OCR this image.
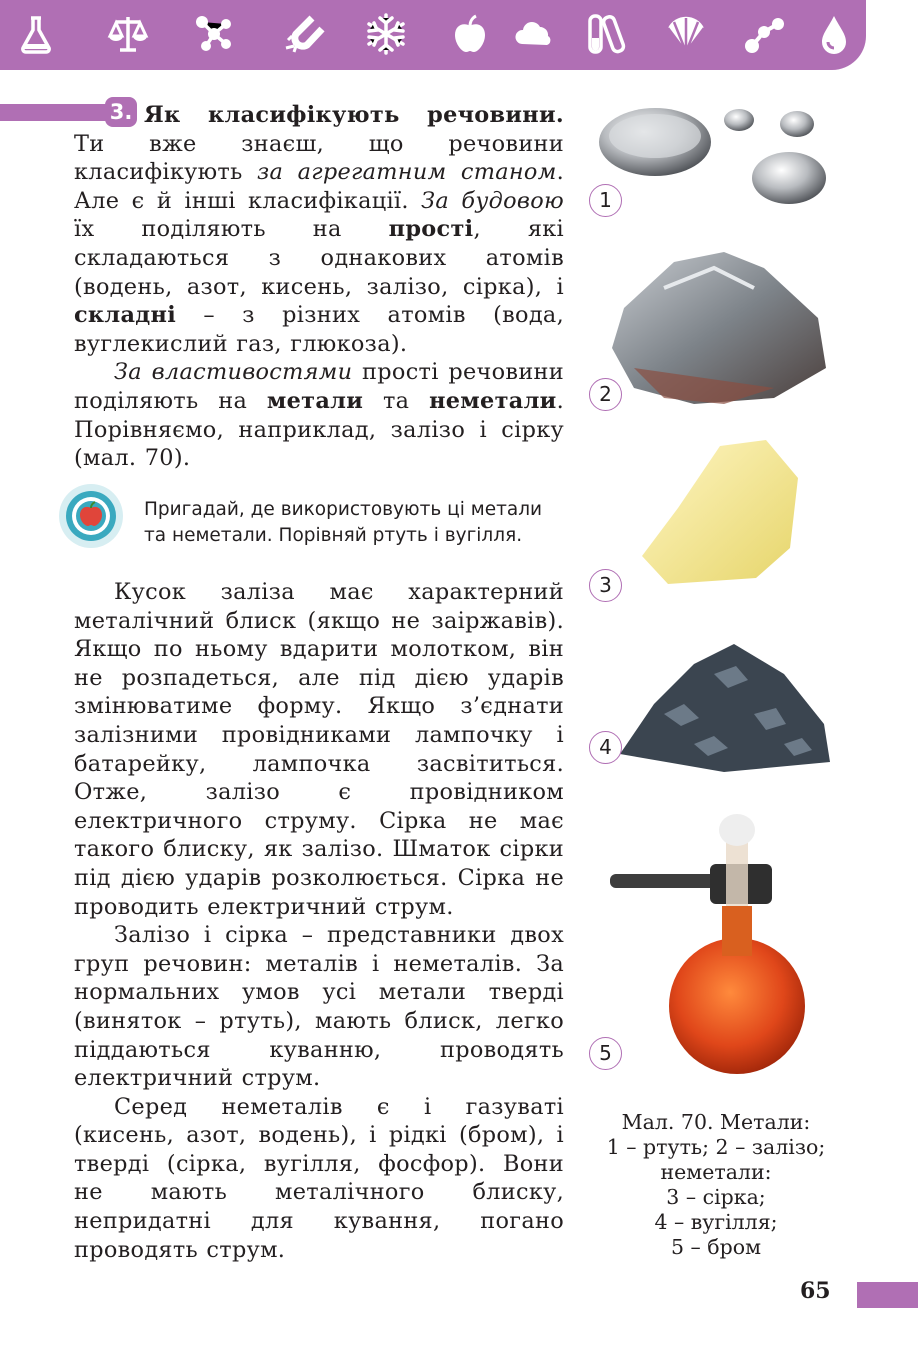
3. Як класифікують речовини. Ти вже знаєш, що речовини класифікують за агрегатним станом. Але є й інші класифікації. За будовою їх поділяють на прості, які складаються з однакових атомів (водень, азот, кисень, залізо, сірка), і складні – з різних атомів (вода, вуглекислий газ, глюкоза).

За властивостями прості речовини поділяють на метали та неметали. Порівняємо, наприклад, залізо і сірку (мал. 70).

Пригадай, де використовують ці метали
та неметали. Порівняй ртуть і вугілля.

Кусок заліза має характерний металічний блиск (якщо не заіржавів). Якщо по ньому вдарити молотком, він не розпадеться, але під дією ударів змінюватиме форму. Якщо з’єднати залізними провідниками лампочку і батарейку, лампочка засвітиться. Отже, залізо є провідником електричного струму. Сірка не має такого блиску, як залізо. Шматок сірки під дією ударів розколюється. Сірка не проводить електричний струм.

Залізо і сірка – представники двох груп речовин: металів і неметалів. За нормальних умов усі метали тверді (виняток – ртуть), мають блиск, легко піддаються куванню, проводять електричний струм.

Серед неметалів є і газуваті (кисень, азот, водень), і рідкі (бром), і тверді (сірка, вугілля, фосфор). Вони не мають металічного блиску, непридатні для кування, погано проводять струм.

1
2
3
4
5
Мал. 70. Метали:
1 – ртуть; 2 – залізо;
неметали:
3 – сірка;
4 – вугілля;
5 – бром
65
